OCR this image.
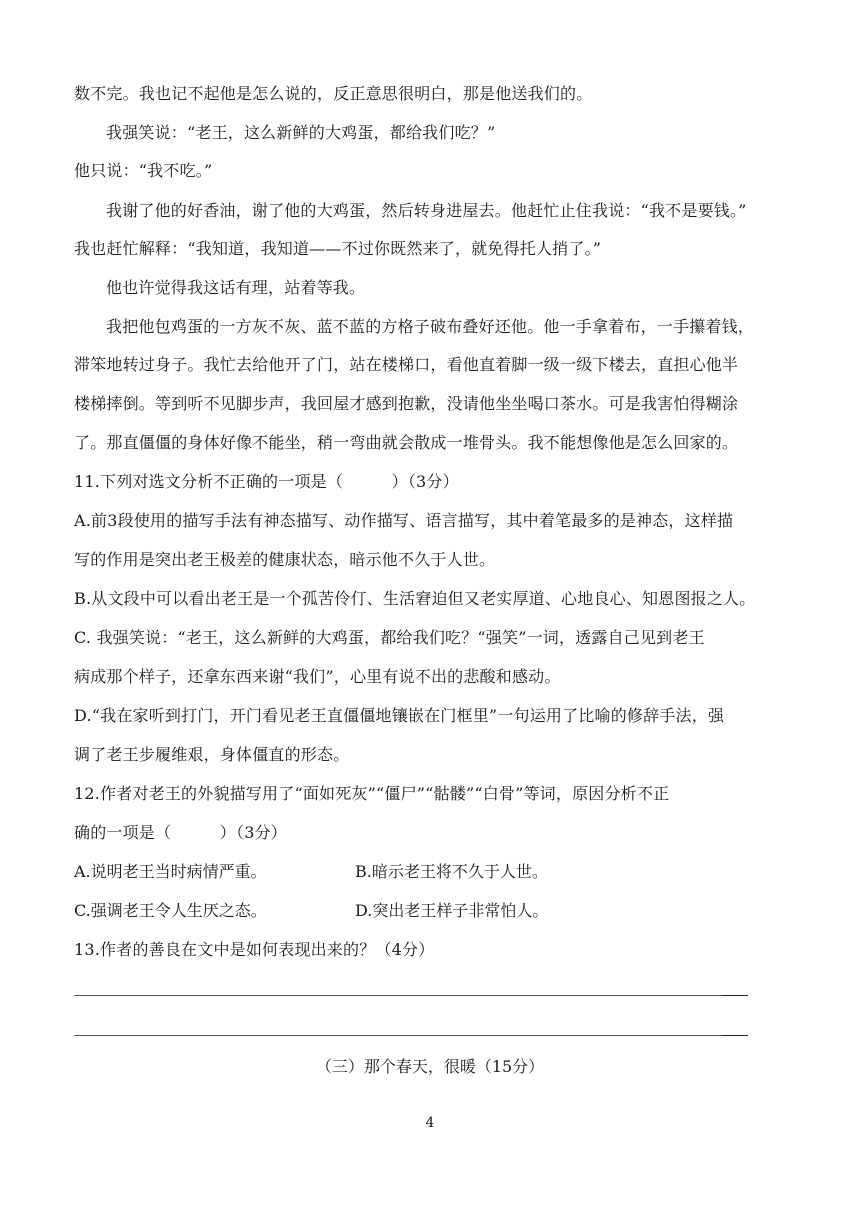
数不完。我也记不起他是怎么说的，反正意思很明白，那是他送我们的。
我强笑说：“老王，这么新鲜的大鸡蛋，都给我们吃？”
他只说：“我不吃。”
我谢了他的好香油，谢了他的大鸡蛋，然后转身进屋去。他赶忙止住我说：“我不是要钱。”
我也赶忙解释：“我知道，我知道——不过你既然来了，就免得托人捎了。”
他也许觉得我这话有理，站着等我。
我把他包鸡蛋的一方灰不灰、蓝不蓝的方格子破布叠好还他。他一手拿着布，一手攥着钱，
滞笨地转过身子。我忙去给他开了门，站在楼梯口，看他直着脚一级一级下楼去，直担心他半
楼梯摔倒。等到听不见脚步声，我回屋才感到抱歉，没请他坐坐喝口茶水。可是我害怕得糊涂
了。那直僵僵的身体好像不能坐，稍一弯曲就会散成一堆骨头。我不能想像他是怎么回家的。
11.下列对选文分析不正确的一项是（　　　）（3分）
A.前3段使用的描写手法有神态描写、动作描写、语言描写，其中着笔最多的是神态，这样描
写的作用是突出老王极差的健康状态，暗示他不久于人世。
B.从文段中可以看出老王是一个孤苦伶仃、生活窘迫但又老实厚道、心地良心、知恩图报之人。
C. 我强笑说：“老王，这么新鲜的大鸡蛋，都给我们吃？“强笑”一词，透露自己见到老王
病成那个样子，还拿东西来谢“我们”，心里有说不出的悲酸和感动。
D.“我在家听到打门，开门看见老王直僵僵地镶嵌在门框里”一句运用了比喻的修辞手法，强
调了老王步履维艰，身体僵直的形态。
12.作者对老王的外貌描写用了“面如死灰”“僵尸”“骷髅”“白骨”等词，原因分析不正
确的一项是（　　　）（3分）
A.说明老王当时病情严重。	B.暗示老王将不久于人世。
C.强调老王令人生厌之态。	D.突出老王样子非常怕人。
13.作者的善良在文中是如何表现出来的？（4分）
（三）那个春天，很暖（15分）
4
